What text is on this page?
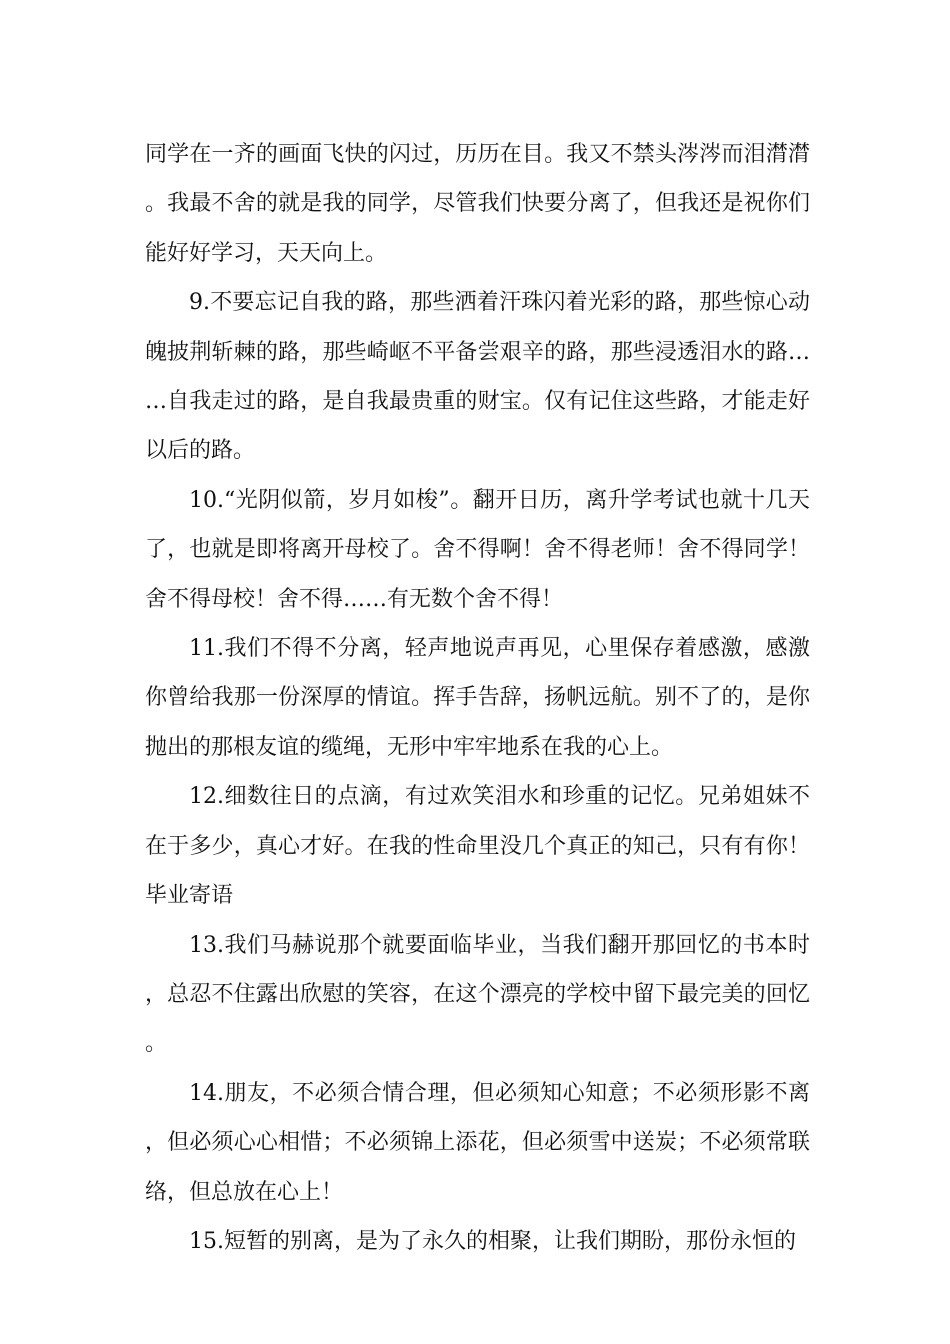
同学在一齐的画面飞快的闪过，历历在目。我又不禁头涔涔而泪潸潸。我最不舍的就是我的同学，尽管我们快要分离了，但我还是祝你们能好好学习，天天向上。

9.不要忘记自我的路，那些洒着汗珠闪着光彩的路，那些惊心动魄披荆斩棘的路，那些崎岖不平备尝艰辛的路，那些浸透泪水的路……自我走过的路，是自我最贵重的财宝。仅有记住这些路，才能走好以后的路。

10.“光阴似箭，岁月如梭”。翻开日历，离升学考试也就十几天了，也就是即将离开母校了。舍不得啊！舍不得老师！舍不得同学！舍不得母校！舍不得……有无数个舍不得！

11.我们不得不分离，轻声地说声再见，心里保存着感激，感激你曾给我那一份深厚的情谊。挥手告辞，扬帆远航。别不了的，是你抛出的那根友谊的缆绳，无形中牢牢地系在我的心上。

12.细数往日的点滴，有过欢笑泪水和珍重的记忆。兄弟姐妹不在于多少，真心才好。在我的性命里没几个真正的知己，只有有你！毕业寄语

13.我们马赫说那个就要面临毕业，当我们翻开那回忆的书本时，总忍不住露出欣慰的笑容，在这个漂亮的学校中留下最完美的回忆。

14.朋友，不必须合情合理，但必须知心知意；不必须形影不离，但必须心心相惜；不必须锦上添花，但必须雪中送炭；不必须常联络，但总放在心上！

15.短暂的别离，是为了永久的相聚，让我们期盼，那份永恒的
